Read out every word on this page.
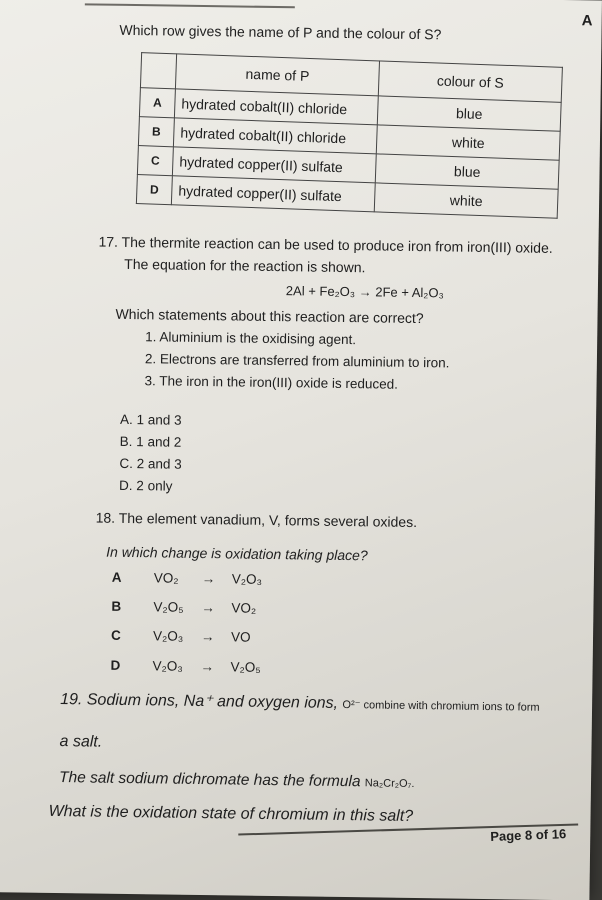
A
Which row gives the name of P and the colour of S?
	name of P	colour of S
A	hydrated cobalt(II) chloride	blue
B	hydrated cobalt(II) chloride	white
C	hydrated copper(II) sulfate	blue
D	hydrated copper(II) sulfate	white
17. The thermite reaction can be used to produce iron from iron(III) oxide.
The equation for the reaction is shown.
2Al + Fe₂O₃ → 2Fe + Al₂O₃
Which statements about this reaction are correct?
1. Aluminium is the oxidising agent.
2. Electrons are transferred from aluminium to iron.
3. The iron in the iron(III) oxide is reduced.
A. 1 and 3
B. 1 and 2
C. 2 and 3
D. 2 only
18. The element vanadium, V, forms several oxides.
In which change is oxidation taking place?
A	VO₂	→	V₂O₃
B	V₂O₅	→	VO₂
C	V₂O₃	→	VO
D	V₂O₃	→	V₂O₅
19. Sodium ions, Na⁺ and oxygen ions, O²⁻ combine with chromium ions to form
a salt.
The salt sodium dichromate has the formula Na₂Cr₂O₇.
What is the oxidation state of chromium in this salt?
Page 8 of 16
